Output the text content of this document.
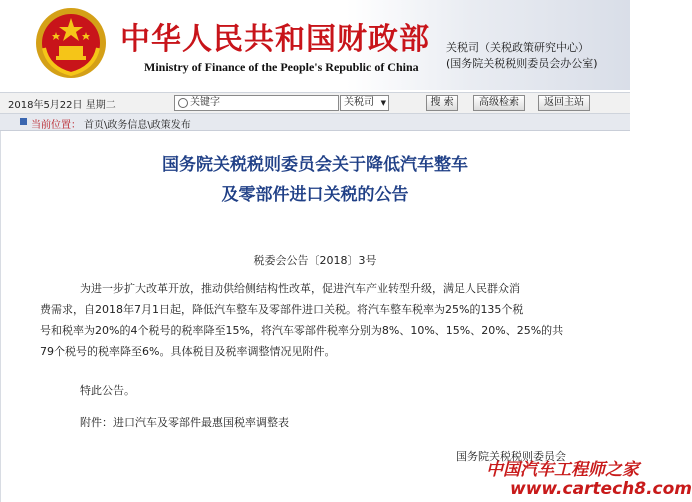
中华人民共和国财政部
Ministry of Finance of the People's Republic of China
关税司（关税政策研究中心）
(国务院关税税则委员会办公室)
2018年5月22日 星期二	关键字	关税司 ▼	搜 索	高级检索	返回主站
当前位置： 首页\政务信息\政策发布
国务院关税税则委员会关于降低汽车整车
及零部件进口关税的公告
税委会公告〔2018〕3号

为进一步扩大改革开放，推动供给侧结构性改革，促进汽车产业转型升级，满足人民群众消

费需求，自2018年7月1日起，降低汽车整车及零部件进口关税。将汽车整车税率为25%的135个税

号和税率为20%的4个税号的税率降至15%，将汽车零部件税率分别为8%、10%、15%、20%、25%的共

79个税号的税率降至6%。具体税目及税率调整情况见附件。

特此公告。
附件：进口汽车及零部件最惠国税率调整表
国务院关税税则委员会
中国汽车工程师之家
www.cartech8.com
